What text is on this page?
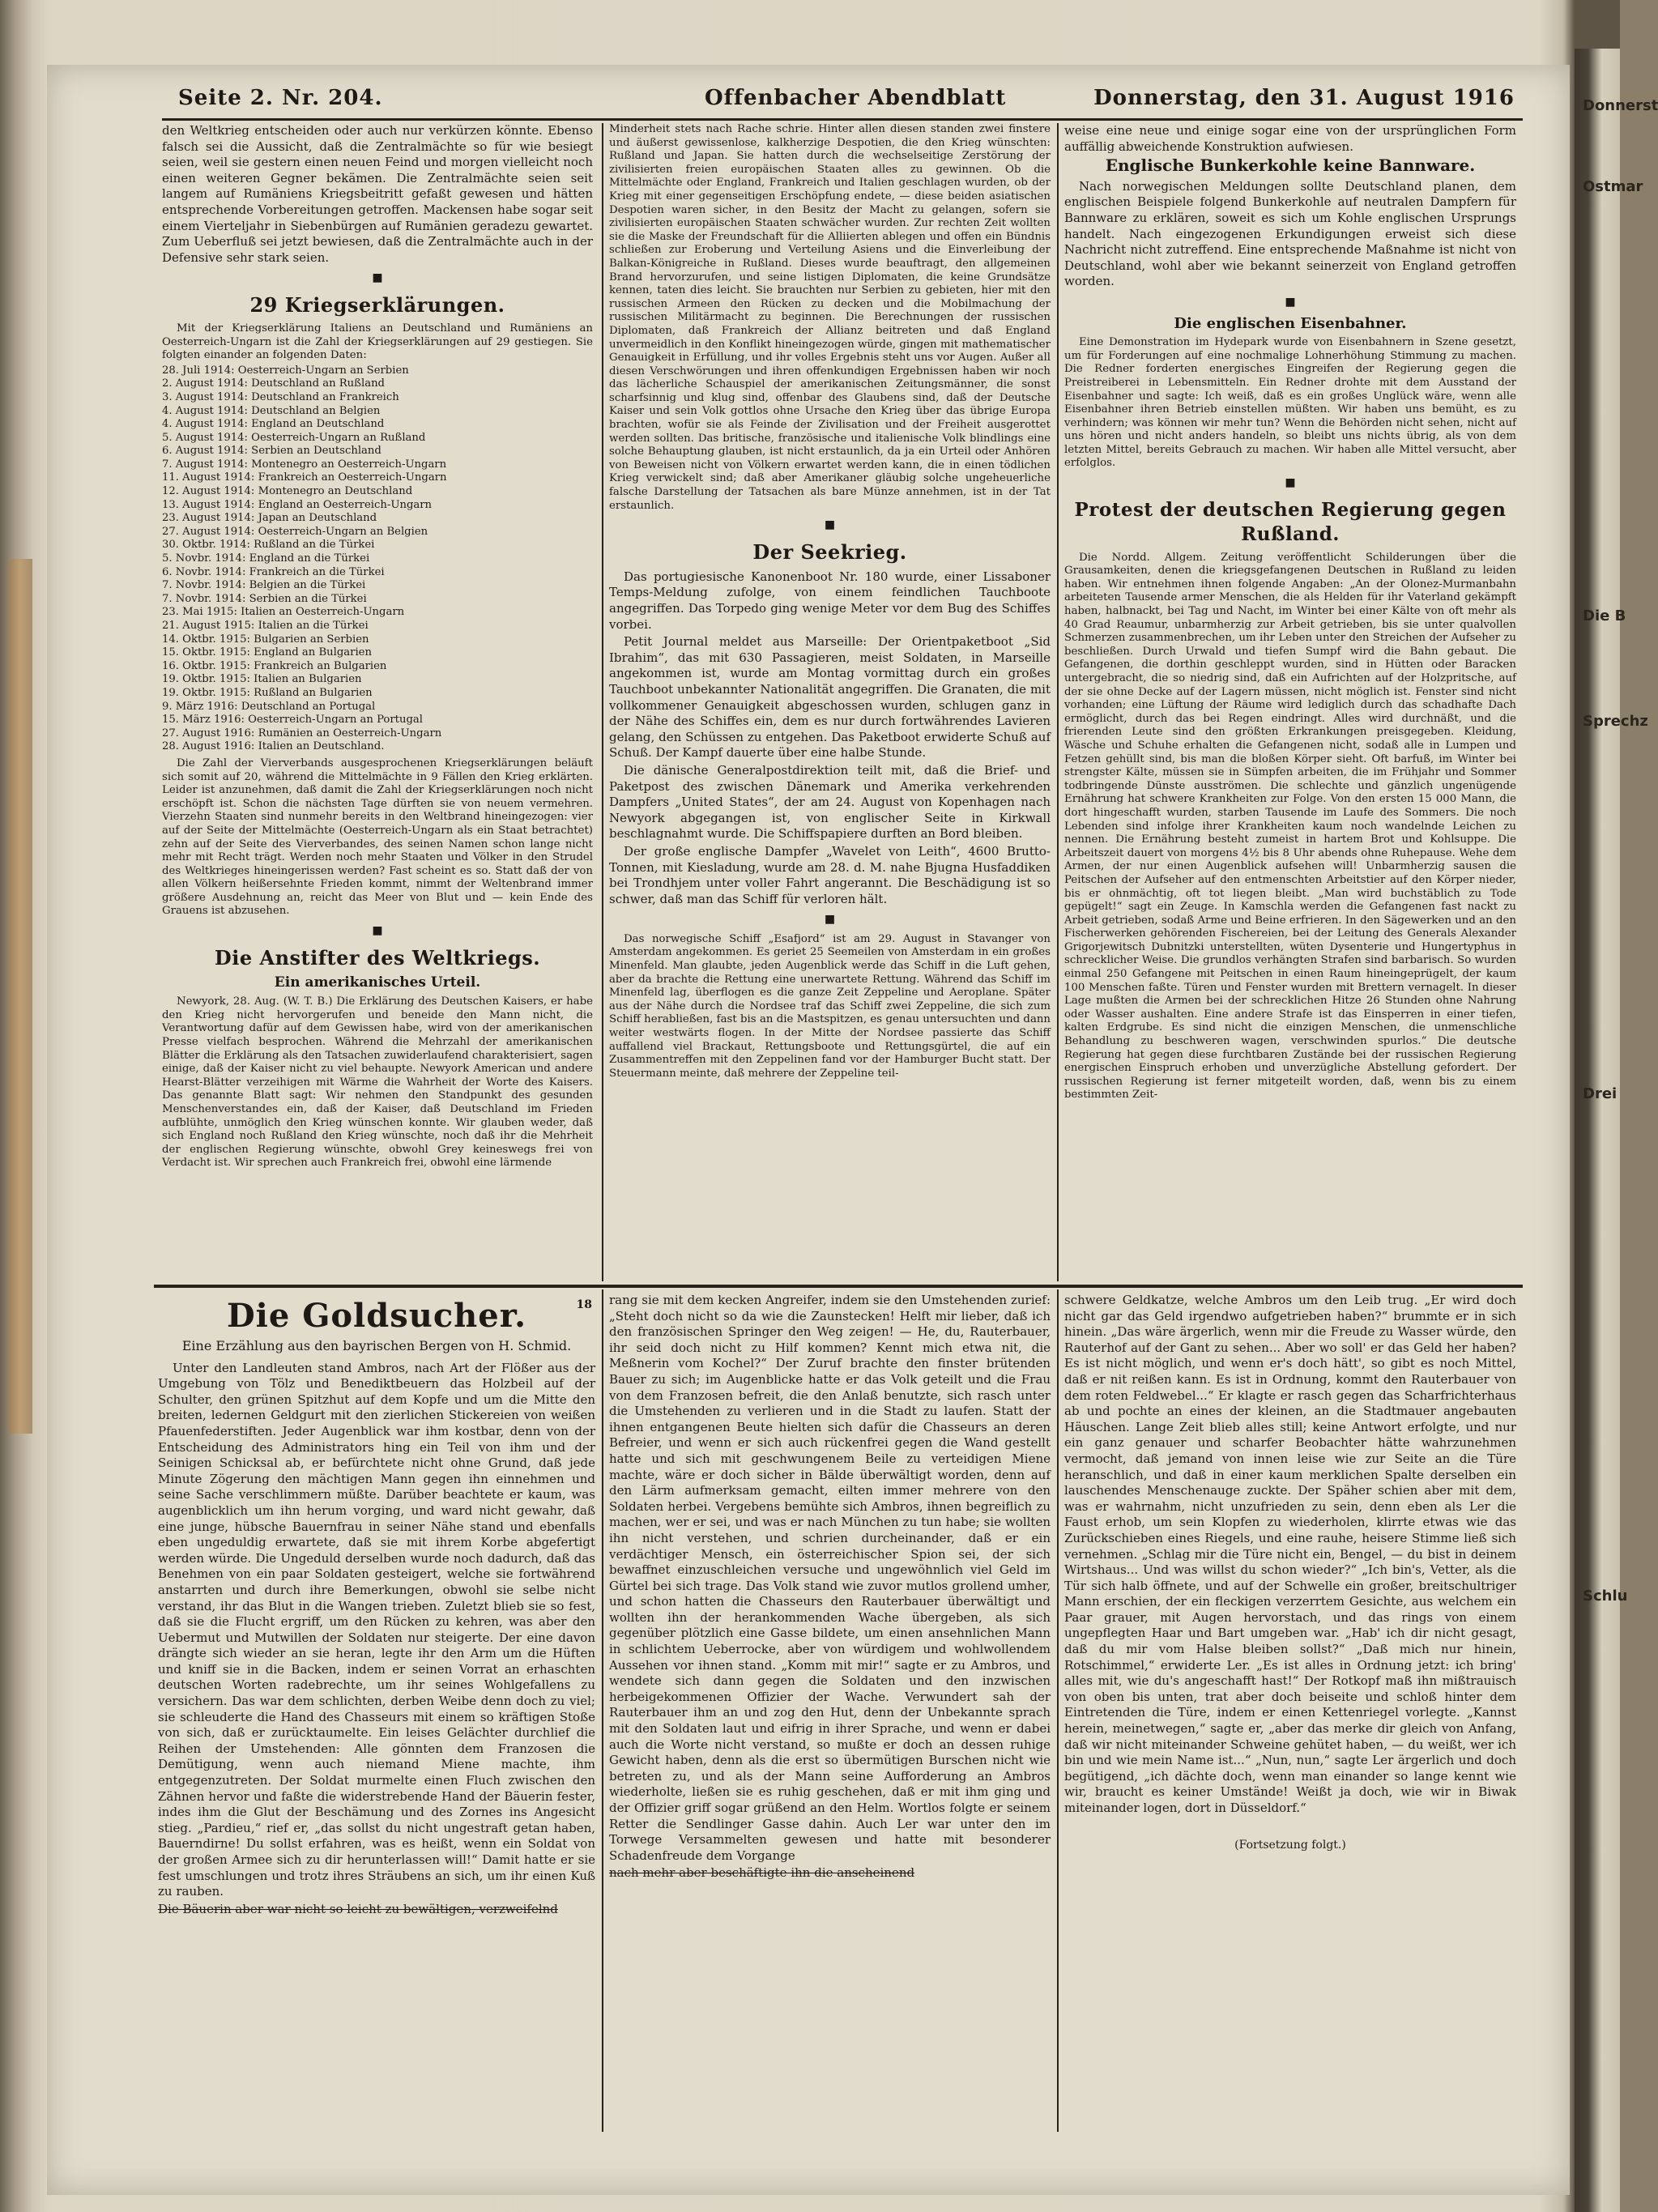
Donnerst
Ostmar
Die B
Sprechz
Drei
Schlu
Seite 2. Nr. 204.	Offenbacher Abendblatt	Donnerstag, den 31. August 1916

den Weltkrieg entscheiden oder auch nur verkürzen könnte. Ebenso falsch sei die Aussicht, daß die Zentralmächte so für wie besiegt seien, weil sie gestern einen neuen Feind und morgen vielleicht noch einen weiteren Gegner bekämen. Die Zentralmächte seien seit langem auf Rumäniens Kriegsbeitritt gefaßt gewesen und hätten entsprechende Vorbereitungen getroffen. Mackensen habe sogar seit einem Vierteljahr in Siebenbürgen auf Rumänien geradezu gewartet. Zum Ueberfluß sei jetzt bewiesen, daß die Zentralmächte auch in der Defensive sehr stark seien.

■
29 Kriegserklärungen.

Mit der Kriegserklärung Italiens an Deutschland und Rumäniens an Oesterreich-Ungarn ist die Zahl der Kriegserklärungen auf 29 gestiegen. Sie folgten einander an folgenden Daten:

28. Juli 1914: Oesterreich-Ungarn an Serbien
2. August 1914: Deutschland an Rußland
3. August 1914: Deutschland an Frankreich
4. August 1914: Deutschland an Belgien
4. August 1914: England an Deutschland
5. August 1914: Oesterreich-Ungarn an Rußland
6. August 1914: Serbien an Deutschland
7. August 1914: Montenegro an Oesterreich-Ungarn
11. August 1914: Frankreich an Oesterreich-Ungarn
12. August 1914: Montenegro an Deutschland
13. August 1914: England an Oesterreich-Ungarn
23. August 1914: Japan an Deutschland
27. August 1914: Oesterreich-Ungarn an Belgien
30. Oktbr. 1914: Rußland an die Türkei
5. Novbr. 1914: England an die Türkei
6. Novbr. 1914: Frankreich an die Türkei
7. Novbr. 1914: Belgien an die Türkei
7. Novbr. 1914: Serbien an die Türkei
23. Mai 1915: Italien an Oesterreich-Ungarn
21. August 1915: Italien an die Türkei
14. Oktbr. 1915: Bulgarien an Serbien
15. Oktbr. 1915: England an Bulgarien
16. Oktbr. 1915: Frankreich an Bulgarien
19. Oktbr. 1915: Italien an Bulgarien
19. Oktbr. 1915: Rußland an Bulgarien
9. März 1916: Deutschland an Portugal
15. März 1916: Oesterreich-Ungarn an Portugal
27. August 1916: Rumänien an Oesterreich-Ungarn
28. August 1916: Italien an Deutschland.

Die Zahl der Vierverbands ausgesprochenen Kriegserklärungen beläuft sich somit auf 20, während die Mittelmächte in 9 Fällen den Krieg erklärten. Leider ist anzunehmen, daß damit die Zahl der Kriegserklärungen noch nicht erschöpft ist. Schon die nächsten Tage dürften sie von neuem vermehren. Vierzehn Staaten sind nunmehr bereits in den Weltbrand hineingezogen: vier auf der Seite der Mittelmächte (Oesterreich-Ungarn als ein Staat betrachtet) zehn auf der Seite des Vierverbandes, des seinen Namen schon lange nicht mehr mit Recht trägt. Werden noch mehr Staaten und Völker in den Strudel des Weltkrieges hineingerissen werden? Fast scheint es so. Statt daß der von allen Völkern heißersehnte Frieden kommt, nimmt der Weltenbrand immer größere Ausdehnung an, reicht das Meer von Blut und — kein Ende des Grauens ist abzusehen.

■
Die Anstifter des Weltkriegs.
Ein amerikanisches Urteil.

Newyork, 28. Aug. (W. T. B.) Die Erklärung des Deutschen Kaisers, er habe den Krieg nicht hervorgerufen und beneide den Mann nicht, die Verantwortung dafür auf dem Gewissen habe, wird von der amerikanischen Presse vielfach besprochen. Während die Mehrzahl der amerikanischen Blätter die Erklärung als den Tatsachen zuwiderlaufend charakterisiert, sagen einige, daß der Kaiser nicht zu viel behaupte. Newyork American und andere Hearst-Blätter verzeihigen mit Wärme die Wahrheit der Worte des Kaisers. Das genannte Blatt sagt: Wir nehmen den Standpunkt des gesunden Menschenverstandes ein, daß der Kaiser, daß Deutschland im Frieden aufblühte, unmöglich den Krieg wünschen konnte. Wir glauben weder, daß sich England noch Rußland den Krieg wünschte, noch daß ihr die Mehrheit der englischen Regierung wünschte, obwohl Grey keineswegs frei von Verdacht ist. Wir sprechen auch Frankreich frei, obwohl eine lärmende

Minderheit stets nach Rache schrie. Hinter allen diesen standen zwei finstere und äußerst gewissenlose, kalkherzige Despotien, die den Krieg wünschten: Rußland und Japan. Sie hatten durch die wechselseitige Zerstörung der zivilisierten freien europäischen Staaten alles zu gewinnen. Ob die Mittelmächte oder England, Frankreich und Italien geschlagen wurden, ob der Krieg mit einer gegenseitigen Erschöpfung endete, — diese beiden asiatischen Despotien waren sicher, in den Besitz der Macht zu gelangen, sofern sie zivilisierten europäischen Staaten schwächer wurden. Zur rechten Zeit wollten sie die Maske der Freundschaft für die Alliierten ablegen und offen ein Bündnis schließen zur Eroberung und Verteilung Asiens und die Einverleibung der Balkan-Königreiche in Rußland. Dieses wurde beauftragt, den allgemeinen Brand hervorzurufen, und seine listigen Diplomaten, die keine Grundsätze kennen, taten dies leicht. Sie brauchten nur Serbien zu gebieten, hier mit den russischen Armeen den Rücken zu decken und die Mobilmachung der russischen Militärmacht zu beginnen. Die Berechnungen der russischen Diplomaten, daß Frankreich der Allianz beitreten und daß England unvermeidlich in den Konflikt hineingezogen würde, gingen mit mathematischer Genauigkeit in Erfüllung, und ihr volles Ergebnis steht uns vor Augen. Außer all diesen Verschwörungen und ihren offenkundigen Ergebnissen haben wir noch das lächerliche Schauspiel der amerikanischen Zeitungsmänner, die sonst scharfsinnig und klug sind, offenbar des Glaubens sind, daß der Deutsche Kaiser und sein Volk gottlos ohne Ursache den Krieg über das übrige Europa brachten, wofür sie als Feinde der Zivilisation und der Freiheit ausgerottet werden sollten. Das britische, französische und italienische Volk blindlings eine solche Behauptung glauben, ist nicht erstaunlich, da ja ein Urteil oder Anhören von Beweisen nicht von Völkern erwartet werden kann, die in einen tödlichen Krieg verwickelt sind; daß aber Amerikaner gläubig solche ungeheuerliche falsche Darstellung der Tatsachen als bare Münze annehmen, ist in der Tat erstaunlich.

■
Der Seekrieg.

Das portugiesische Kanonenboot Nr. 180 wurde, einer Lissaboner Temps-Meldung zufolge, von einem feindlichen Tauchboote angegriffen. Das Torpedo ging wenige Meter vor dem Bug des Schiffes vorbei.

Petit Journal meldet aus Marseille: Der Orientpaketboot „Sid Ibrahim“, das mit 630 Passagieren, meist Soldaten, in Marseille angekommen ist, wurde am Montag vormittag durch ein großes Tauchboot unbekannter Nationalität angegriffen. Die Granaten, die mit vollkommener Genauigkeit abgeschossen wurden, schlugen ganz in der Nähe des Schiffes ein, dem es nur durch fortwährendes Lavieren gelang, den Schüssen zu entgehen. Das Paketboot erwiderte Schuß auf Schuß. Der Kampf dauerte über eine halbe Stunde.

Die dänische Generalpostdirektion teilt mit, daß die Brief- und Paketpost des zwischen Dänemark und Amerika verkehrenden Dampfers „United States“, der am 24. August von Kopenhagen nach Newyork abgegangen ist, von englischer Seite in Kirkwall beschlagnahmt wurde. Die Schiffspapiere durften an Bord bleiben.

Der große englische Dampfer „Wavelet von Leith“, 4600 Brutto-Tonnen, mit Kiesladung, wurde am 28. d. M. nahe Bjugna Husfaddiken bei Trondhjem unter voller Fahrt angerannt. Die Beschädigung ist so schwer, daß man das Schiff für verloren hält.

■

Das norwegische Schiff „Esafjord“ ist am 29. August in Stavanger von Amsterdam angekommen. Es geriet 25 Seemeilen von Amsterdam in ein großes Minenfeld. Man glaubte, jeden Augenblick werde das Schiff in die Luft gehen, aber da brachte die Rettung eine unerwartete Rettung. Während das Schiff im Minenfeld lag, überflogen es die ganze Zeit Zeppeline und Aeroplane. Später aus der Nähe durch die Nordsee traf das Schiff zwei Zeppeline, die sich zum Schiff herabließen, fast bis an die Mastspitzen, es genau untersuchten und dann weiter westwärts flogen. In der Mitte der Nordsee passierte das Schiff auffallend viel Brackaut, Rettungsboote und Rettungsgürtel, die auf ein Zusammentreffen mit den Zeppelinen fand vor der Hamburger Bucht statt. Der Steuermann meinte, daß mehrere der Zeppeline teil-

weise eine neue und einige sogar eine von der ursprünglichen Form auffällig abweichende Konstruktion aufwiesen.

Englische Bunkerkohle keine Bannware.

Nach norwegischen Meldungen sollte Deutschland planen, dem englischen Beispiele folgend Bunkerkohle auf neutralen Dampfern für Bannware zu erklären, soweit es sich um Kohle englischen Ursprungs handelt. Nach eingezogenen Erkundigungen erweist sich diese Nachricht nicht zutreffend. Eine entsprechende Maßnahme ist nicht von Deutschland, wohl aber wie bekannt seinerzeit von England getroffen worden.

■
Die englischen Eisenbahner.

Eine Demonstration im Hydepark wurde von Eisenbahnern in Szene gesetzt, um für Forderungen auf eine nochmalige Lohnerhöhung Stimmung zu machen. Die Redner forderten energisches Eingreifen der Regierung gegen die Preistreiberei in Lebensmitteln. Ein Redner drohte mit dem Ausstand der Eisenbahner und sagte: Ich weiß, daß es ein großes Unglück wäre, wenn alle Eisenbahner ihren Betrieb einstellen müßten. Wir haben uns bemüht, es zu verhindern; was können wir mehr tun? Wenn die Behörden nicht sehen, nicht auf uns hören und nicht anders handeln, so bleibt uns nichts übrig, als von dem letzten Mittel, bereits Gebrauch zu machen. Wir haben alle Mittel versucht, aber erfolglos.

■
Protest der deutschen Regierung gegen Rußland.

Die Nordd. Allgem. Zeitung veröffentlicht Schilderungen über die Grausamkeiten, denen die kriegsgefangenen Deutschen in Rußland zu leiden haben. Wir entnehmen ihnen folgende Angaben: „An der Olonez-Murmanbahn arbeiteten Tausende armer Menschen, die als Helden für ihr Vaterland gekämpft haben, halbnackt, bei Tag und Nacht, im Winter bei einer Kälte von oft mehr als 40 Grad Reaumur, unbarmherzig zur Arbeit getrieben, bis sie unter qualvollen Schmerzen zusammenbrechen, um ihr Leben unter den Streichen der Aufseher zu beschließen. Durch Urwald und tiefen Sumpf wird die Bahn gebaut. Die Gefangenen, die dorthin geschleppt wurden, sind in Hütten oder Baracken untergebracht, die so niedrig sind, daß ein Aufrichten auf der Holzpritsche, auf der sie ohne Decke auf der Lagern müssen, nicht möglich ist. Fenster sind nicht vorhanden; eine Lüftung der Räume wird lediglich durch das schadhafte Dach ermöglicht, durch das bei Regen eindringt. Alles wird durchnäßt, und die frierenden Leute sind den größten Erkrankungen preisgegeben. Kleidung, Wäsche und Schuhe erhalten die Gefangenen nicht, sodaß alle in Lumpen und Fetzen gehüllt sind, bis man die bloßen Körper sieht. Oft barfuß, im Winter bei strengster Kälte, müssen sie in Sümpfen arbeiten, die im Frühjahr und Sommer todbringende Dünste ausströmen. Die schlechte und gänzlich ungenügende Ernährung hat schwere Krankheiten zur Folge. Von den ersten 15 000 Mann, die dort hingeschafft wurden, starben Tausende im Laufe des Sommers. Die noch Lebenden sind infolge ihrer Krankheiten kaum noch wandelnde Leichen zu nennen. Die Ernährung besteht zumeist in hartem Brot und Kohlsuppe. Die Arbeitszeit dauert von morgens 4½ bis 8 Uhr abends ohne Ruhepause. Wehe dem Armen, der nur einen Augenblick aufsehen will! Unbarmherzig sausen die Peitschen der Aufseher auf den entmenschten Arbeitstier auf den Körper nieder, bis er ohnmächtig, oft tot liegen bleibt. „Man wird buchstäblich zu Tode gepügelt!“ sagt ein Zeuge. In Kamschla werden die Gefangenen fast nackt zu Arbeit getrieben, sodaß Arme und Beine erfrieren. In den Sägewerken und an den Fischerwerken gehörenden Fischereien, bei der Leitung des Generals Alexander Grigorjewitsch Dubnitzki unterstellten, wüten Dysenterie und Hungertyphus in schrecklicher Weise. Die grundlos verhängten Strafen sind barbarisch. So wurden einmal 250 Gefangene mit Peitschen in einen Raum hineingeprügelt, der kaum 100 Menschen faßte. Türen und Fenster wurden mit Brettern vernagelt. In dieser Lage mußten die Armen bei der schrecklichen Hitze 26 Stunden ohne Nahrung oder Wasser aushalten. Eine andere Strafe ist das Einsperren in einer tiefen, kalten Erdgrube. Es sind nicht die einzigen Menschen, die unmenschliche Behandlung zu beschweren wagen, verschwinden spurlos.“ Die deutsche Regierung hat gegen diese furchtbaren Zustände bei der russischen Regierung energischen Einspruch erhoben und unverzügliche Abstellung gefordert. Der russischen Regierung ist ferner mitgeteilt worden, daß, wenn bis zu einem bestimmten Zeit-

18
Die Goldsucher.
Eine Erzählung aus den bayrischen Bergen von H. Schmid.

Unter den Landleuten stand Ambros, nach Art der Flößer aus der Umgebung von Tölz und Benediktbeuern das Holzbeil auf der Schulter, den grünen Spitzhut auf dem Kopfe und um die Mitte den breiten, ledernen Geldgurt mit den zierlichen Stickereien von weißen Pfauenfederstiften. Jeder Augenblick war ihm kostbar, denn von der Entscheidung des Administrators hing ein Teil von ihm und der Seinigen Schicksal ab, er befürchtete nicht ohne Grund, daß jede Minute Zögerung den mächtigen Mann gegen ihn einnehmen und seine Sache verschlimmern müßte. Darüber beachtete er kaum, was augenblicklich um ihn herum vorging, und ward nicht gewahr, daß eine junge, hübsche Bauernfrau in seiner Nähe stand und ebenfalls eben ungeduldig erwartete, daß sie mit ihrem Korbe abgefertigt werden würde. Die Ungeduld derselben wurde noch dadurch, daß das Benehmen von ein paar Soldaten gesteigert, welche sie fortwährend anstarrten und durch ihre Bemerkungen, obwohl sie selbe nicht verstand, ihr das Blut in die Wangen trieben. Zuletzt blieb sie so fest, daß sie die Flucht ergriff, um den Rücken zu kehren, was aber den Uebermut und Mutwillen der Soldaten nur steigerte. Der eine davon drängte sich wieder an sie heran, legte ihr den Arm um die Hüften und kniff sie in die Backen, indem er seinen Vorrat an erhaschten deutschen Worten radebrechte, um ihr seines Wohlgefallens zu versichern. Das war dem schlichten, derben Weibe denn doch zu viel; sie schleuderte die Hand des Chasseurs mit einem so kräftigen Stoße von sich, daß er zurücktaumelte. Ein leises Gelächter durchlief die Reihen der Umstehenden: Alle gönnten dem Franzosen die Demütigung, wenn auch niemand Miene machte, ihm entgegenzutreten. Der Soldat murmelte einen Fluch zwischen den Zähnen hervor und faßte die widerstrebende Hand der Bäuerin fester, indes ihm die Glut der Beschämung und des Zornes ins Angesicht stieg. „Pardieu,“ rief er, „das sollst du nicht ungestraft getan haben, Bauerndirne! Du sollst erfahren, was es heißt, wenn ein Soldat von der großen Armee sich zu dir herunterlassen will!“ Damit hatte er sie fest umschlungen und trotz ihres Sträubens an sich, um ihr einen Kuß zu rauben.

Die Bäuerin aber war nicht so leicht zu bewältigen, verzweifelnd

rang sie mit dem kecken Angreifer, indem sie den Umstehenden zurief: „Steht doch nicht so da wie die Zaunstecken! Helft mir lieber, daß ich den französischen Springer den Weg zeigen! — He, du, Rauterbauer, ihr seid doch nicht zu Hilf kommen? Kennt mich etwa nit, die Meßnerin vom Kochel?“ Der Zuruf brachte den finster brütenden Bauer zu sich; im Augenblicke hatte er das Volk geteilt und die Frau von dem Franzosen befreit, die den Anlaß benutzte, sich rasch unter die Umstehenden zu verlieren und in die Stadt zu laufen. Statt der ihnen entgangenen Beute hielten sich dafür die Chasseurs an deren Befreier, und wenn er sich auch rückenfrei gegen die Wand gestellt hatte und sich mit geschwungenem Beile zu verteidigen Miene machte, wäre er doch sicher in Bälde überwältigt worden, denn auf den Lärm aufmerksam gemacht, eilten immer mehrere von den Soldaten herbei. Vergebens bemühte sich Ambros, ihnen begreiflich zu machen, wer er sei, und was er nach München zu tun habe; sie wollten ihn nicht verstehen, und schrien durcheinander, daß er ein verdächtiger Mensch, ein österreichischer Spion sei, der sich bewaffnet einzuschleichen versuche und ungewöhnlich viel Geld im Gürtel bei sich trage. Das Volk stand wie zuvor mutlos grollend umher, und schon hatten die Chasseurs den Rauterbauer überwältigt und wollten ihn der herankommenden Wache übergeben, als sich gegenüber plötzlich eine Gasse bildete, um einen ansehnlichen Mann in schlichtem Ueberrocke, aber von würdigem und wohlwollendem Aussehen vor ihnen stand. „Komm mit mir!“ sagte er zu Ambros, und wendete sich dann gegen die Soldaten und den inzwischen herbeigekommenen Offizier der Wache. Verwundert sah der Rauterbauer ihm an und zog den Hut, denn der Unbekannte sprach mit den Soldaten laut und eifrig in ihrer Sprache, und wenn er dabei auch die Worte nicht verstand, so mußte er doch an dessen ruhige Gewicht haben, denn als die erst so übermütigen Burschen nicht wie betreten zu, und als der Mann seine Aufforderung an Ambros wiederholte, ließen sie es ruhig geschehen, daß er mit ihm ging und der Offizier griff sogar grüßend an den Helm. Wortlos folgte er seinem Retter die Sendlinger Gasse dahin. Auch Ler war unter den im Torwege Versammelten gewesen und hatte mit besonderer Schadenfreude dem Vorgange

nach mehr aber beschäftigte ihn die anscheinend

schwere Geldkatze, welche Ambros um den Leib trug. „Er wird doch nicht gar das Geld irgendwo aufgetrieben haben?“ brummte er in sich hinein. „Das wäre ärgerlich, wenn mir die Freude zu Wasser würde, den Rauterhof auf der Gant zu sehen... Aber wo soll' er das Geld her haben? Es ist nicht möglich, und wenn er's doch hätt', so gibt es noch Mittel, daß er nit reißen kann. Es ist in Ordnung, kommt den Rauterbauer von dem roten Feldwebel...“ Er klagte er rasch gegen das Scharfrichterhaus ab und pochte an eines der kleinen, an die Stadtmauer angebauten Häuschen. Lange Zeit blieb alles still; keine Antwort erfolgte, und nur ein ganz genauer und scharfer Beobachter hätte wahrzunehmen vermocht, daß jemand von innen leise wie zur Seite an die Türe heranschlich, und daß in einer kaum merklichen Spalte derselben ein lauschendes Menschenauge zuckte. Der Späher schien aber mit dem, was er wahrnahm, nicht unzufrieden zu sein, denn eben als Ler die Faust erhob, um sein Klopfen zu wiederholen, klirrte etwas wie das Zurückschieben eines Riegels, und eine rauhe, heisere Stimme ließ sich vernehmen. „Schlag mir die Türe nicht ein, Bengel, — du bist in deinem Wirtshaus... Und was willst du schon wieder?“ „Ich bin's, Vetter, als die Tür sich halb öffnete, und auf der Schwelle ein großer, breitschultriger Mann erschien, der ein fleckigen verzerrtem Gesichte, aus welchem ein Paar grauer, mit Augen hervorstach, und das rings von einem ungepflegten Haar und Bart umgeben war. „Hab' ich dir nicht gesagt, daß du mir vom Halse bleiben sollst?“ „Daß mich nur hinein, Rotschimmel,“ erwiderte Ler. „Es ist alles in Ordnung jetzt: ich bring' alles mit, wie du's angeschafft hast!“ Der Rotkopf maß ihn mißtrauisch von oben bis unten, trat aber doch beiseite und schloß hinter dem Eintretenden die Türe, indem er einen Kettenriegel vorlegte. „Kannst herein, meinetwegen,“ sagte er, „aber das merke dir gleich von Anfang, daß wir nicht miteinander Schweine gehütet haben, — du weißt, wer ich bin und wie mein Name ist...“ „Nun, nun,“ sagte Ler ärgerlich und doch begütigend, „ich dächte doch, wenn man einander so lange kennt wie wir, braucht es keiner Umstände! Weißt ja doch, wie wir in Biwak miteinander logen, dort in Düsseldorf.“

(Fortsetzung folgt.)
